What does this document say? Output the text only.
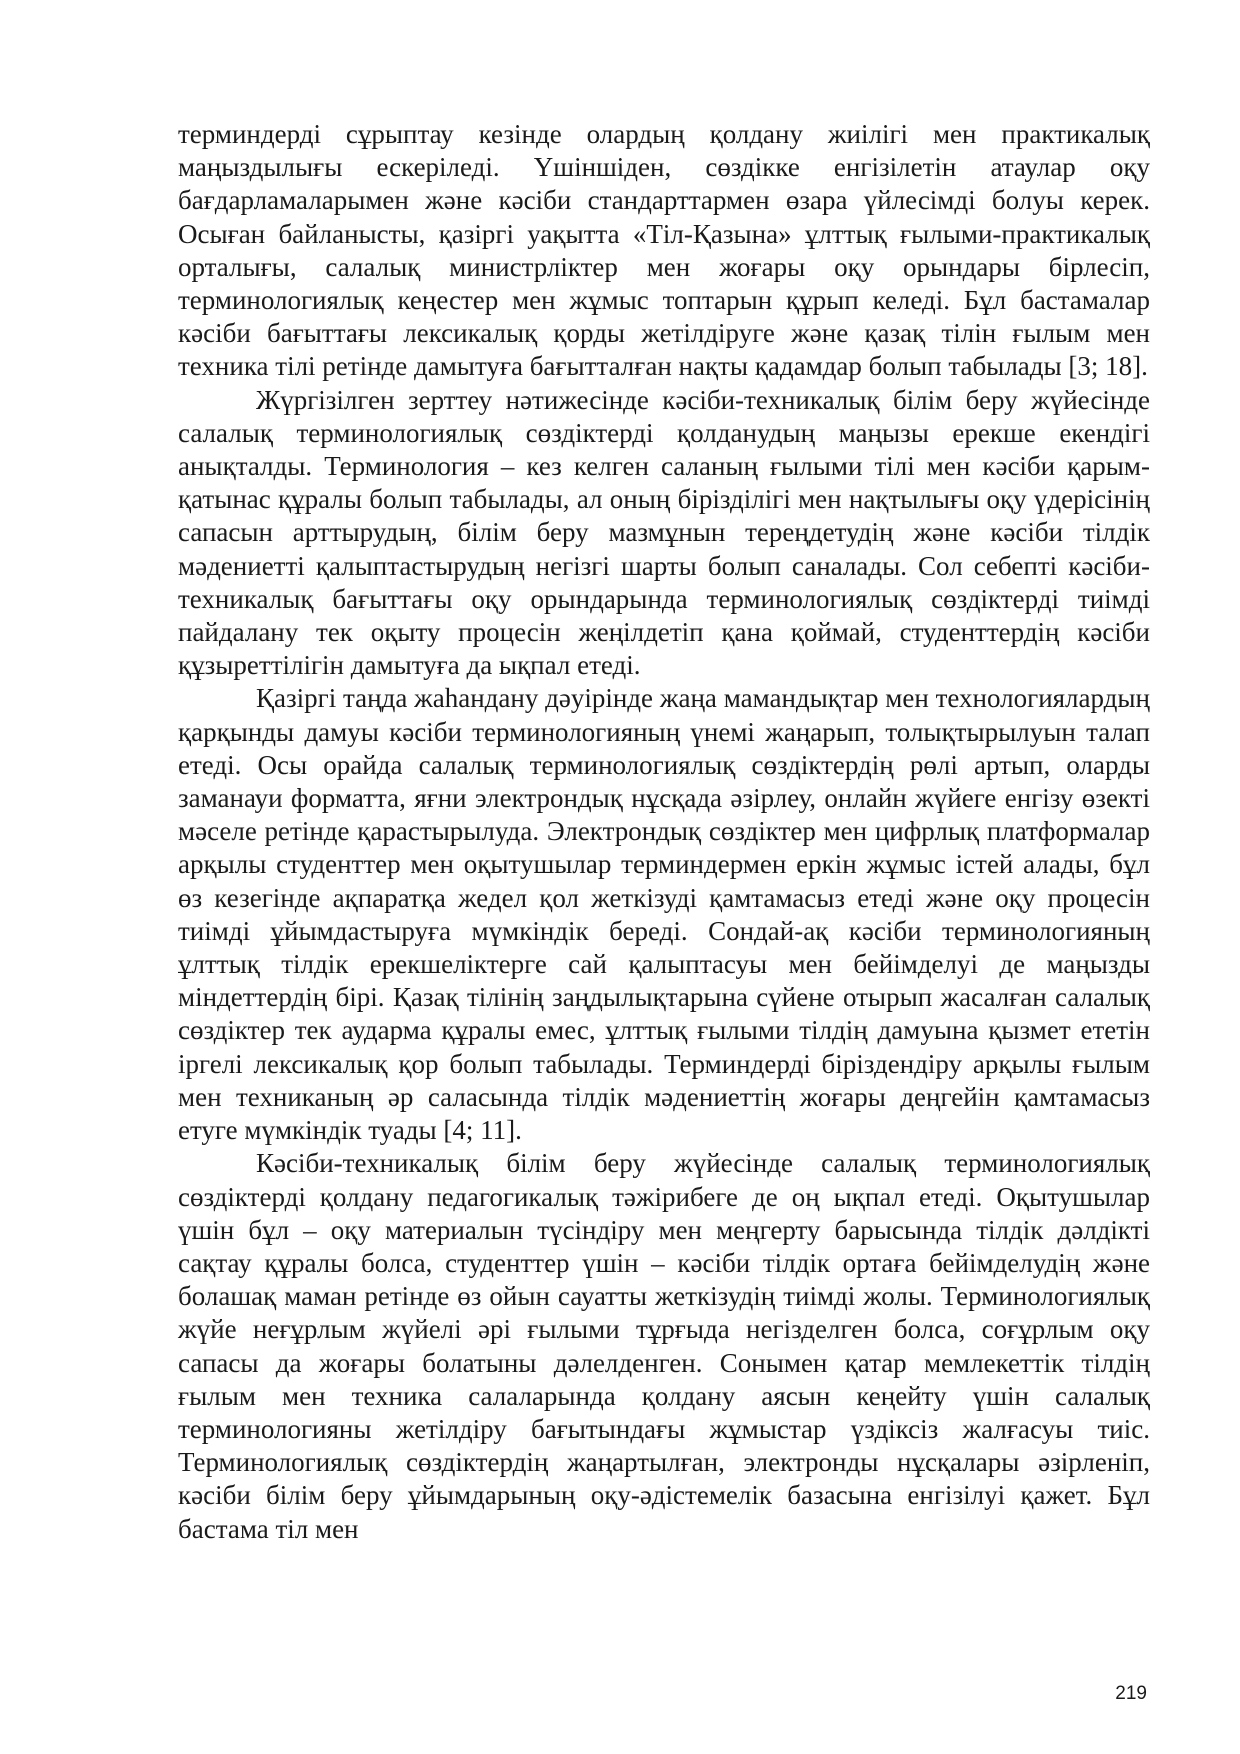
терминдерді сұрыптау кезінде олардың қолдану жиілігі мен практикалық маңыздылығы ескеріледі. Үшіншіден, сөздікке енгізілетін атаулар оқу бағдарламаларымен және кәсіби стандарттармен өзара үйлесімді болуы керек. Осыған байланысты, қазіргі уақытта «Тіл-Қазына» ұлттық ғылыми-практикалық орталығы, салалық министрліктер мен жоғары оқу орындары бірлесіп, терминологиялық кеңестер мен жұмыс топтарын құрып келеді. Бұл бастамалар кәсіби бағыттағы лексикалық қорды жетілдіруге және қазақ тілін ғылым мен техника тілі ретінде дамытуға бағытталған нақты қадамдар болып табылады [3; 18].

Жүргізілген зерттеу нәтижесінде кәсіби-техникалық білім беру жүйесінде салалық терминологиялық сөздіктерді қолданудың маңызы ерекше екендігі анықталды. Терминология – кез келген саланың ғылыми тілі мен кәсіби қарым-қатынас құралы болып табылады, ал оның бірізділігі мен нақтылығы оқу үдерісінің сапасын арттырудың, білім беру мазмұнын тереңдетудің және кәсіби тілдік мәдениетті қалыптастырудың негізгі шарты болып саналады. Сол себепті кәсіби-техникалық бағыттағы оқу орындарында терминологиялық сөздіктерді тиімді пайдалану тек оқыту процесін жеңілдетіп қана қоймай, студенттердің кәсіби құзыреттілігін дамытуға да ықпал етеді.

Қазіргі таңда жаһандану дәуірінде жаңа мамандықтар мен технологиялардың қарқынды дамуы кәсіби терминологияның үнемі жаңарып, толықтырылуын талап етеді. Осы орайда салалық терминологиялық сөздіктердің рөлі артып, оларды заманауи форматта, яғни электрондық нұсқада әзірлеу, онлайн жүйеге енгізу өзекті мәселе ретінде қарастырылуда. Электрондық сөздіктер мен цифрлық платформалар арқылы студенттер мен оқытушылар терминдермен еркін жұмыс істей алады, бұл өз кезегінде ақпаратқа жедел қол жеткізуді қамтамасыз етеді және оқу процесін тиімді ұйымдастыруға мүмкіндік береді. Сондай-ақ кәсіби терминологияның ұлттық тілдік ерекшеліктерге сай қалыптасуы мен бейімделуі де маңызды міндеттердің бірі. Қазақ тілінің заңдылықтарына сүйене отырып жасалған салалық сөздіктер тек аударма құралы емес, ұлттық ғылыми тілдің дамуына қызмет ететін іргелі лексикалық қор болып табылады. Терминдерді біріздендіру арқылы ғылым мен техниканың әр саласында тілдік мәдениеттің жоғары деңгейін қамтамасыз етуге мүмкіндік туады [4; 11].

Кәсіби-техникалық білім беру жүйесінде салалық терминологиялық сөздіктерді қолдану педагогикалық тәжірибеге де оң ықпал етеді. Оқытушылар үшін бұл – оқу материалын түсіндіру мен меңгерту барысында тілдік дәлдікті сақтау құралы болса, студенттер үшін – кәсіби тілдік ортаға бейімделудің және болашақ маман ретінде өз ойын сауатты жеткізудің тиімді жолы. Терминологиялық жүйе неғұрлым жүйелі әрі ғылыми тұрғыда негізделген болса, соғұрлым оқу сапасы да жоғары болатыны дәлелденген. Сонымен қатар мемлекеттік тілдің ғылым мен техника салаларында қолдану аясын кеңейту үшін салалық терминологияны жетілдіру бағытындағы жұмыстар үздіксіз жалғасуы тиіс. Терминологиялық сөздіктердің жаңартылған, электронды нұсқалары әзірленіп, кәсіби білім беру ұйымдарының оқу-әдістемелік базасына енгізілуі қажет. Бұл бастама тіл мен

219
